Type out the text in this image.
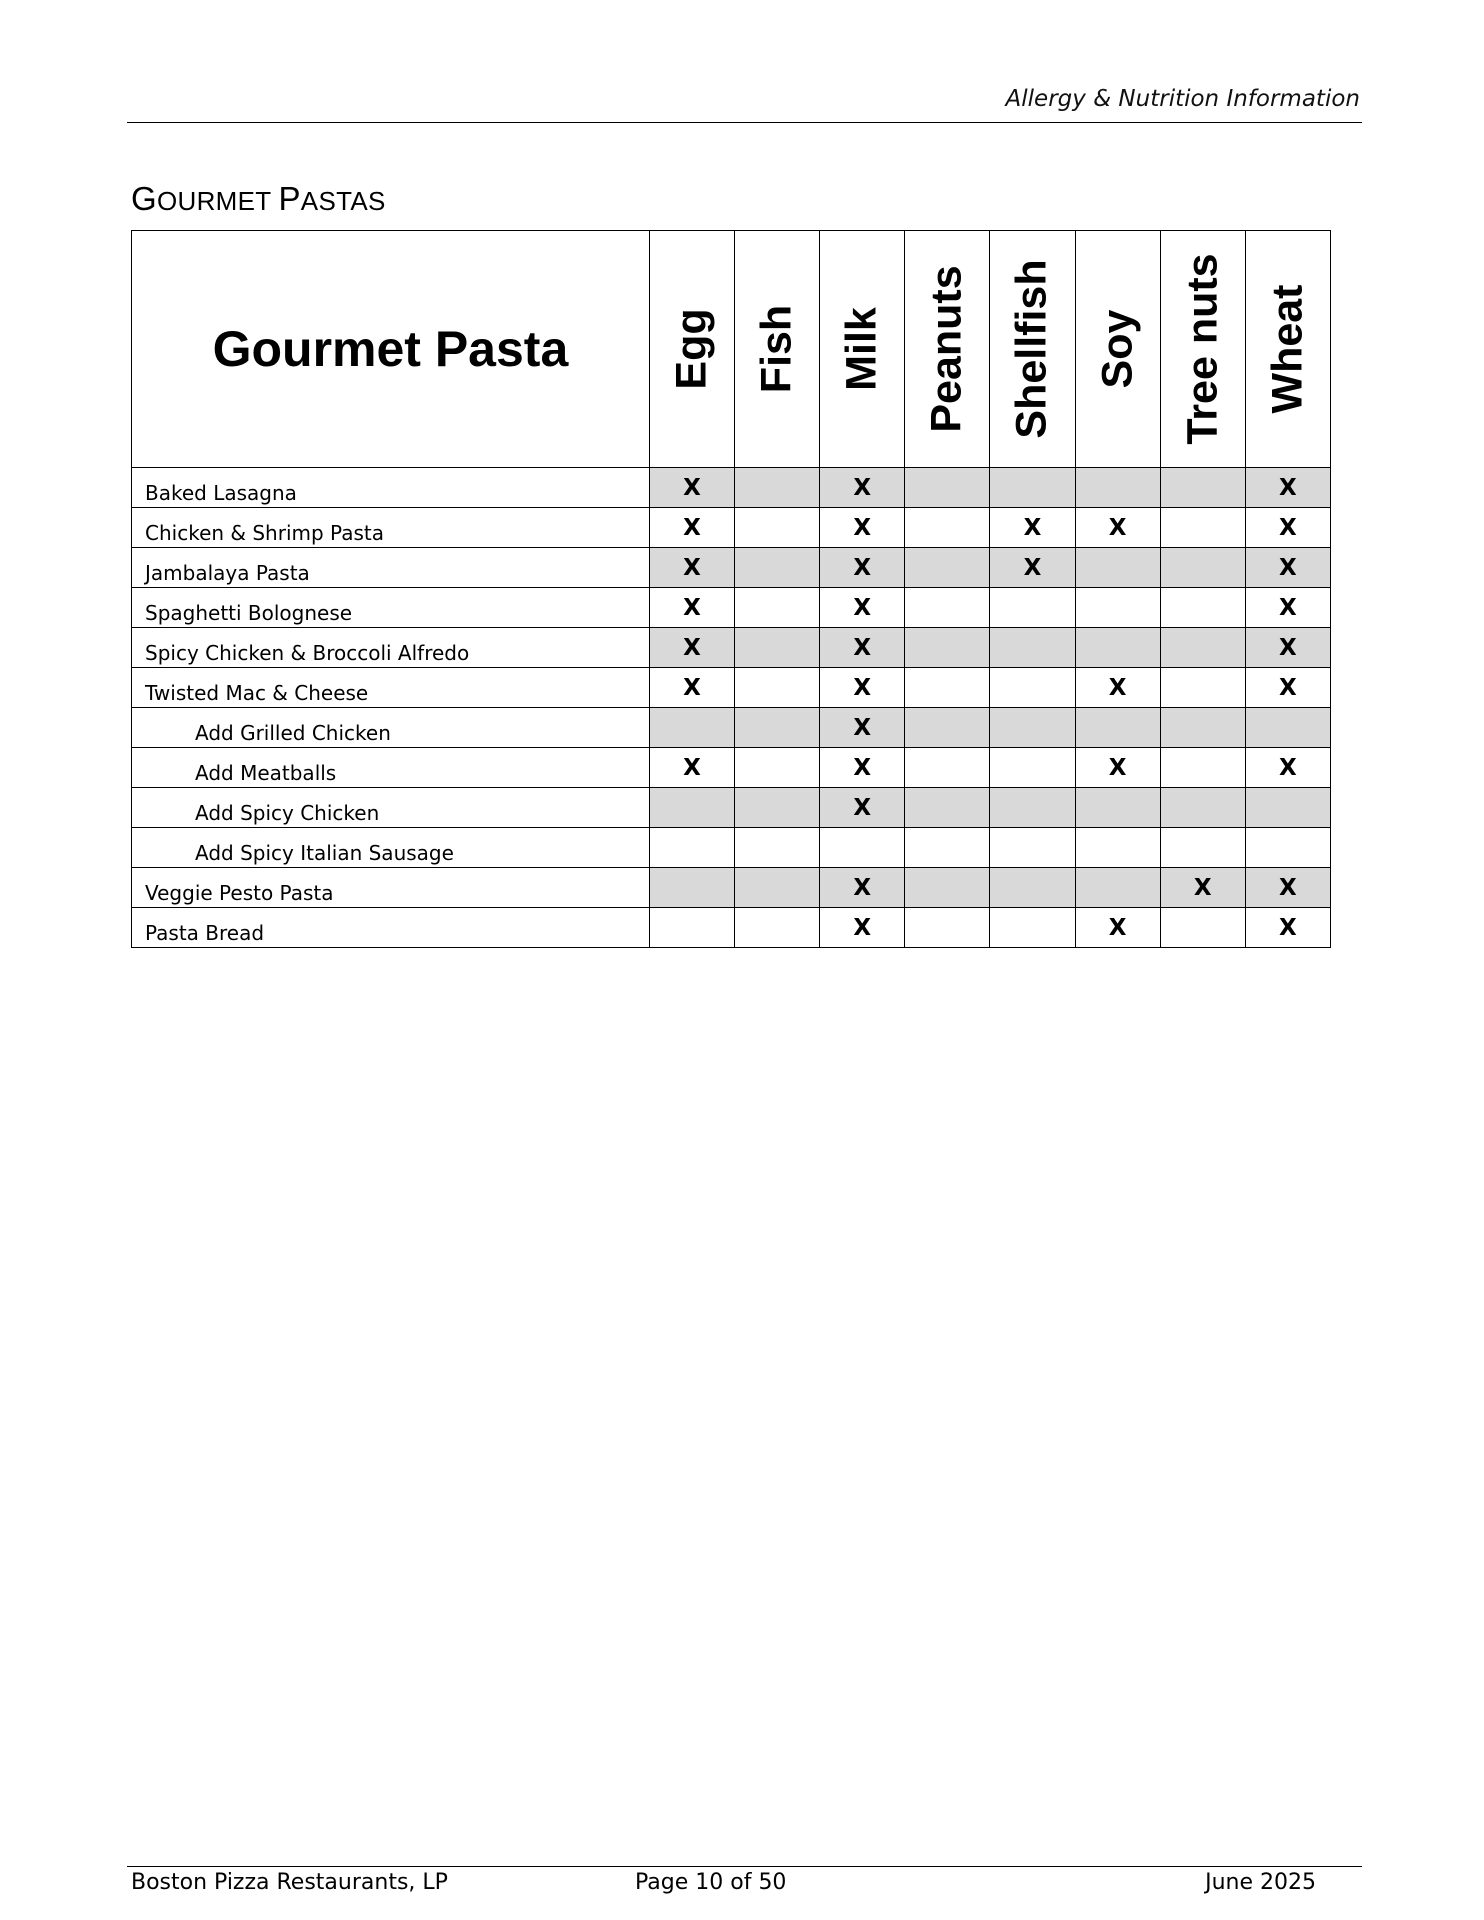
Allergy & Nutrition Information
GOURMET PASTAS
Gourmet Pasta	Egg	Fish	Milk	Peanuts	Shellfish	Soy	Tree nuts	Wheat

Baked Lasagna	X		X					X
Chicken & Shrimp Pasta	X		X		X	X		X
Jambalaya Pasta	X		X		X			X
Spaghetti Bolognese	X		X					X
Spicy Chicken & Broccoli Alfredo	X		X					X
Twisted Mac & Cheese	X		X			X		X
Add Grilled Chicken			X					
Add Meatballs	X		X			X		X
Add Spicy Chicken			X					
Add Spicy Italian Sausage								
Veggie Pesto Pasta			X				X	X
Pasta Bread			X			X		X
Boston Pizza Restaurants, LP	Page 10 of 50	June 2025
